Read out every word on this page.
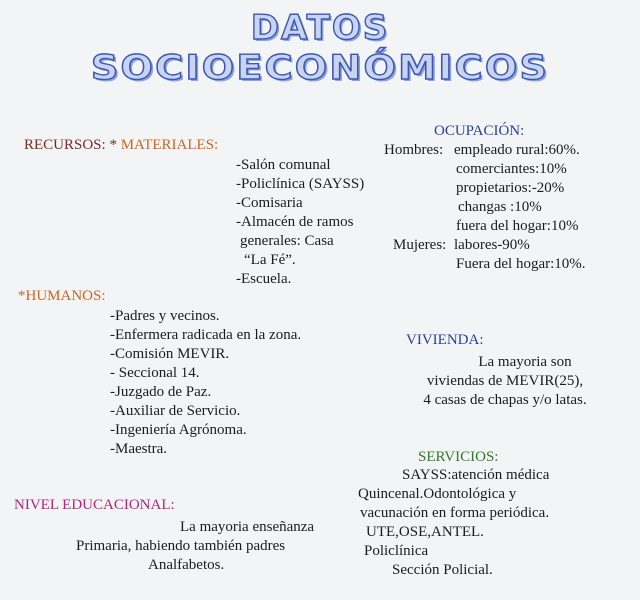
DATOS
SOCIOECONÓMICOS
RECURSOS: * MATERIALES:
-Salón comunal
-Policlínica (SAYSS)
-Comisaria
-Almacén de ramos
generales: Casa
“La Fé”.
-Escuela.
*HUMANOS:
-Padres y vecinos.
-Enfermera radicada en la zona.
-Comisión MEVIR.
- Seccional 14.
-Juzgado de Paz.
-Auxiliar de Servicio.
-Ingeniería Agrónoma.
-Maestra.
OCUPACIÓN:
Hombres: empleado rural:60%.
comerciantes:10%
propietarios:-20%
changas :10%
fuera del hogar:10%
Mujeres: labores-90%
Fuera del hogar:10%.
VIVIENDA:
La mayoria son
viviendas de MEVIR(25),
4 casas de chapas y/o latas.
NIVEL EDUCACIONAL:
La mayoria enseñanza
Primaria, habiendo también padres
Analfabetos.
SERVICIOS:
SAYSS:atención médica
Quincenal.Odontológica y
vacunación en forma periódica.
UTE,OSE,ANTEL.
Policlínica
Sección Policial.
